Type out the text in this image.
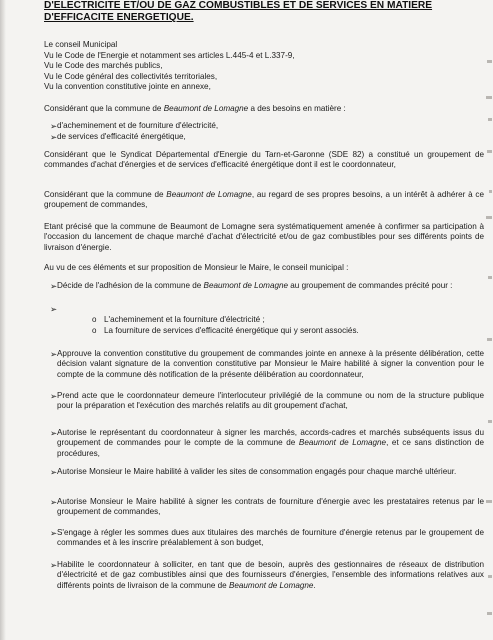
D'ELECTRICITE ET/OU DE GAZ COMBUSTIBLES ET DE SERVICES EN MATIERE
D'EFFICACITE ENERGETIQUE.
Le conseil Municipal
Vu le Code de l'Energie et notamment ses articles L.445-4 et L.337-9,
Vu le Code des marchés publics,
Vu le Code général des collectivités territoriales,
Vu la convention constitutive jointe en annexe,
Considérant que la commune de Beaumont de Lomagne a des besoins en matière :
➢ d'acheminement et de fourniture d'électricité,
➢ de services d'efficacité énergétique,
Considérant que le Syndicat Départemental d'Energie du Tarn-et-Garonne (SDE 82) a constitué un groupement de commandes d'achat d'énergies et de services d'efficacité énergétique dont il est le coordonnateur,
Considérant que la commune de Beaumont de Lomagne, au regard de ses propres besoins, a un intérêt à adhérer à ce groupement de commandes,
Etant précisé que la commune de Beaumont de Lomagne sera systématiquement amenée à confirmer sa participation à l'occasion du lancement de chaque marché d'achat d'électricité et/ou de gaz combustibles pour ses différents points de livraison d'énergie.
Au vu de ces éléments et sur proposition de Monsieur le Maire, le conseil municipal :
➢ Décide de l'adhésion de la commune de Beaumont de Lomagne au groupement de commandes précité pour :
➢
o L'acheminement et la fourniture d'électricité ;
o La fourniture de services d'efficacité énergétique qui y seront associés.
➢ Approuve la convention constitutive du groupement de commandes jointe en annexe à la présente délibération, cette décision valant signature de la convention constitutive par Monsieur le Maire habilité à signer la convention pour le compte de la commune dès notification de la présente délibération au coordonnateur,
➢ Prend acte que le coordonnateur demeure l'interlocuteur privilégié de la commune ou nom de la structure publique pour la préparation et l'exécution des marchés relatifs au dit groupement d'achat,
➢ Autorise le représentant du coordonnateur à signer les marchés, accords-cadres et marchés subséquents issus du groupement de commandes pour le compte de la commune de Beaumont de Lomagne, et ce sans distinction de procédures,
➢ Autorise Monsieur le Maire habilité à valider les sites de consommation engagés pour chaque marché ultérieur.
➢ Autorise Monsieur le Maire habilité à signer les contrats de fourniture d'énergie avec les prestataires retenus par le groupement de commandes,
➢ S'engage à régler les sommes dues aux titulaires des marchés de fourniture d'énergie retenus par le groupement de commandes et à les inscrire préalablement à son budget,
➢ Habilite le coordonnateur à solliciter, en tant que de besoin, auprès des gestionnaires de réseaux de distribution d'électricité et de gaz combustibles ainsi que des fournisseurs d'énergies, l'ensemble des informations relatives aux différents points de livraison de la commune de Beaumont de Lomagne.
